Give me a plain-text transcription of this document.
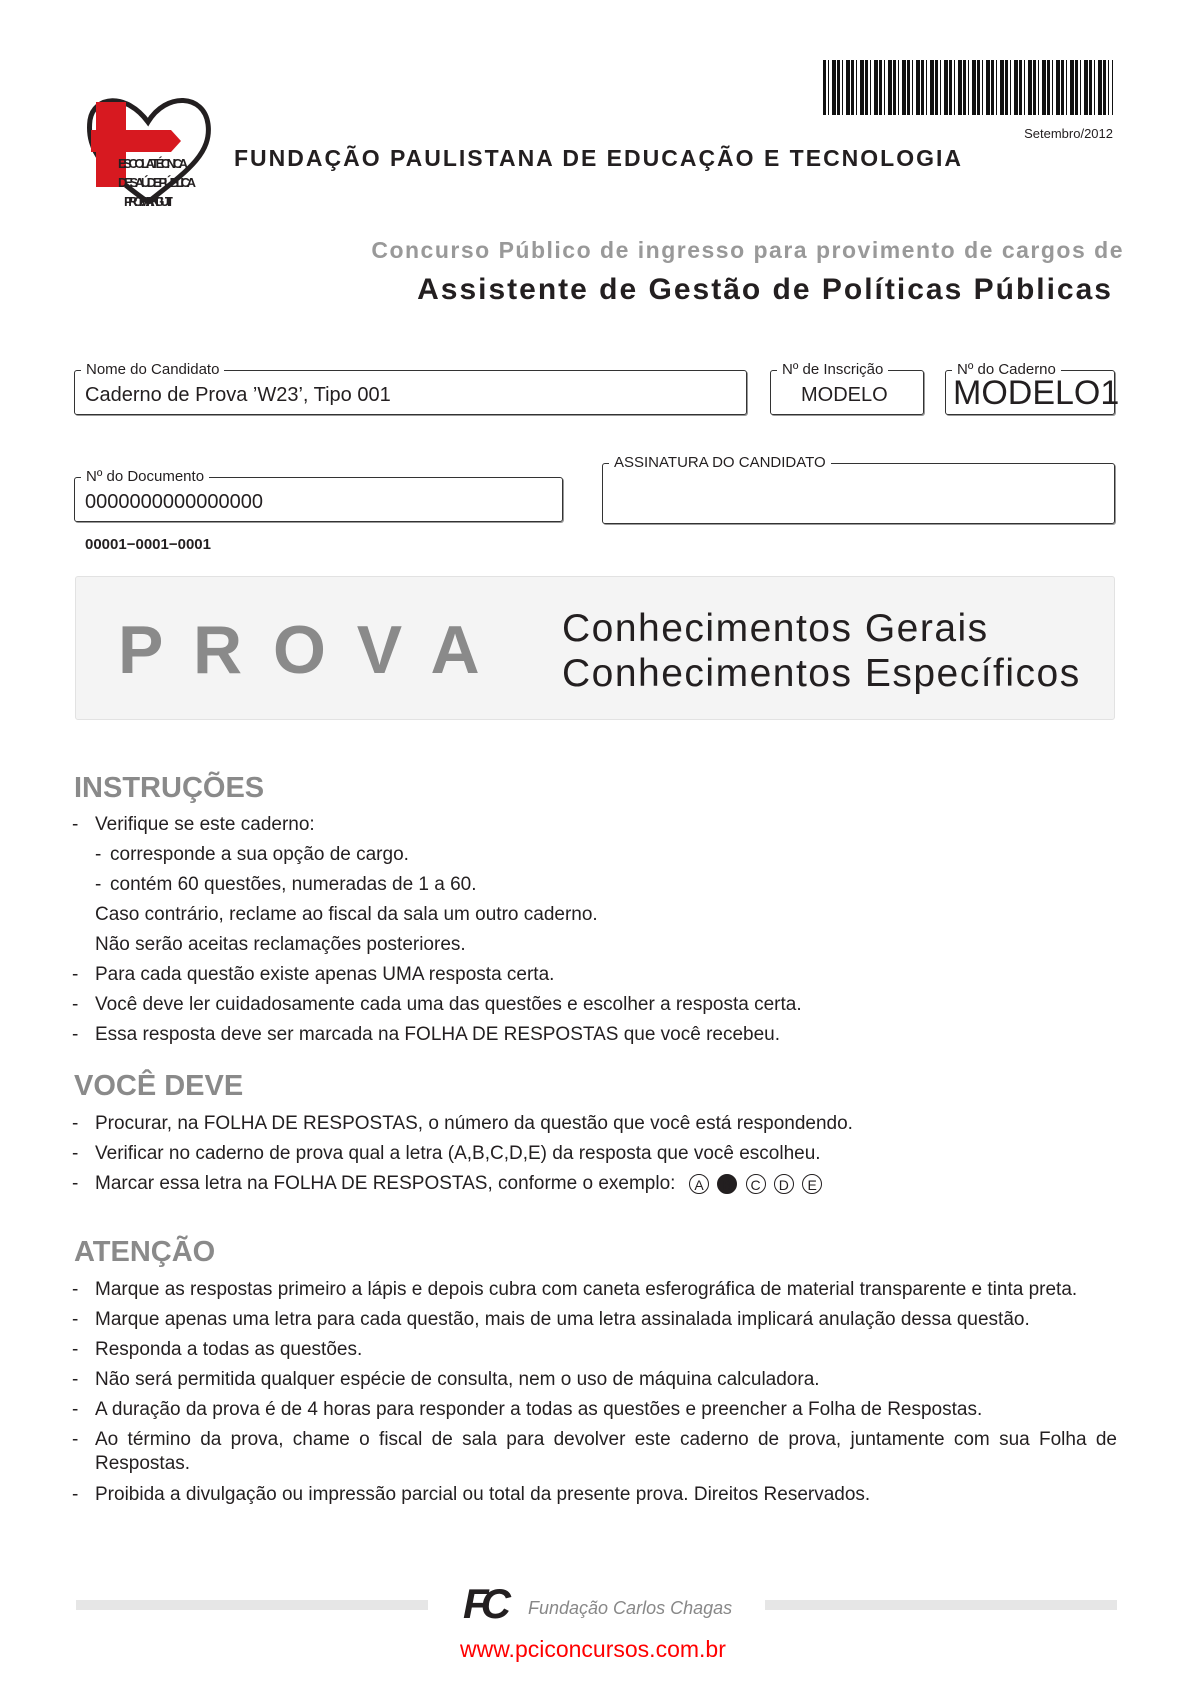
ESCOLA TÉCNICA
DE SAÚDE PÚBLICA
PROF. MAKIGUTI
Setembro/2012
FUNDAÇÃO PAULISTANA DE EDUCAÇÃO E TECNOLOGIA
Concurso Público de ingresso para provimento de cargos de
Assistente de Gestão de Políticas Públicas
Nome do Candidato
Caderno de Prova ’W23’, Tipo 001
Nº de Inscrição
MODELO
Nº do Caderno
MODELO1
Nº do Documento
0000000000000000
ASSINATURA DO CANDIDATO
00001−0001−0001
P R O V A Conhecimentos Gerais
Conhecimentos Específicos
INSTRUÇÕES
- Verifique se este caderno:
- corresponde a sua opção de cargo.
- contém 60 questões, numeradas de 1 a 60.
Caso contrário, reclame ao fiscal da sala um outro caderno.
Não serão aceitas reclamações posteriores.
- Para cada questão existe apenas UMA resposta certa.
- Você deve ler cuidadosamente cada uma das questões e escolher a resposta certa.
- Essa resposta deve ser marcada na FOLHA DE RESPOSTAS que você recebeu.
VOCÊ DEVE
- Procurar, na FOLHA DE RESPOSTAS, o número da questão que você está respondendo.
- Verificar no caderno de prova qual a letra (A,B,C,D,E) da resposta que você escolheu.
- Marcar essa letra na FOLHA DE RESPOSTAS, conforme o exemplo: A B C D E
ATENÇÃO
- Marque as respostas primeiro a lápis e depois cubra com caneta esferográfica de material transparente e tinta preta.
- Marque apenas uma letra para cada questão, mais de uma letra assinalada implicará anulação dessa questão.
- Responda a todas as questões.
- Não será permitida qualquer espécie de consulta, nem o uso de máquina calculadora.
- A duração da prova é de 4 horas para responder a todas as questões e preencher a Folha de Respostas.
- Ao término da prova, chame o fiscal de sala para devolver este caderno de prova, juntamente com sua Folha de Respostas.
- Proibida a divulgação ou impressão parcial ou total da presente prova. Direitos Reservados.
FC Fundação Carlos Chagas
www.pciconcursos.com.br
